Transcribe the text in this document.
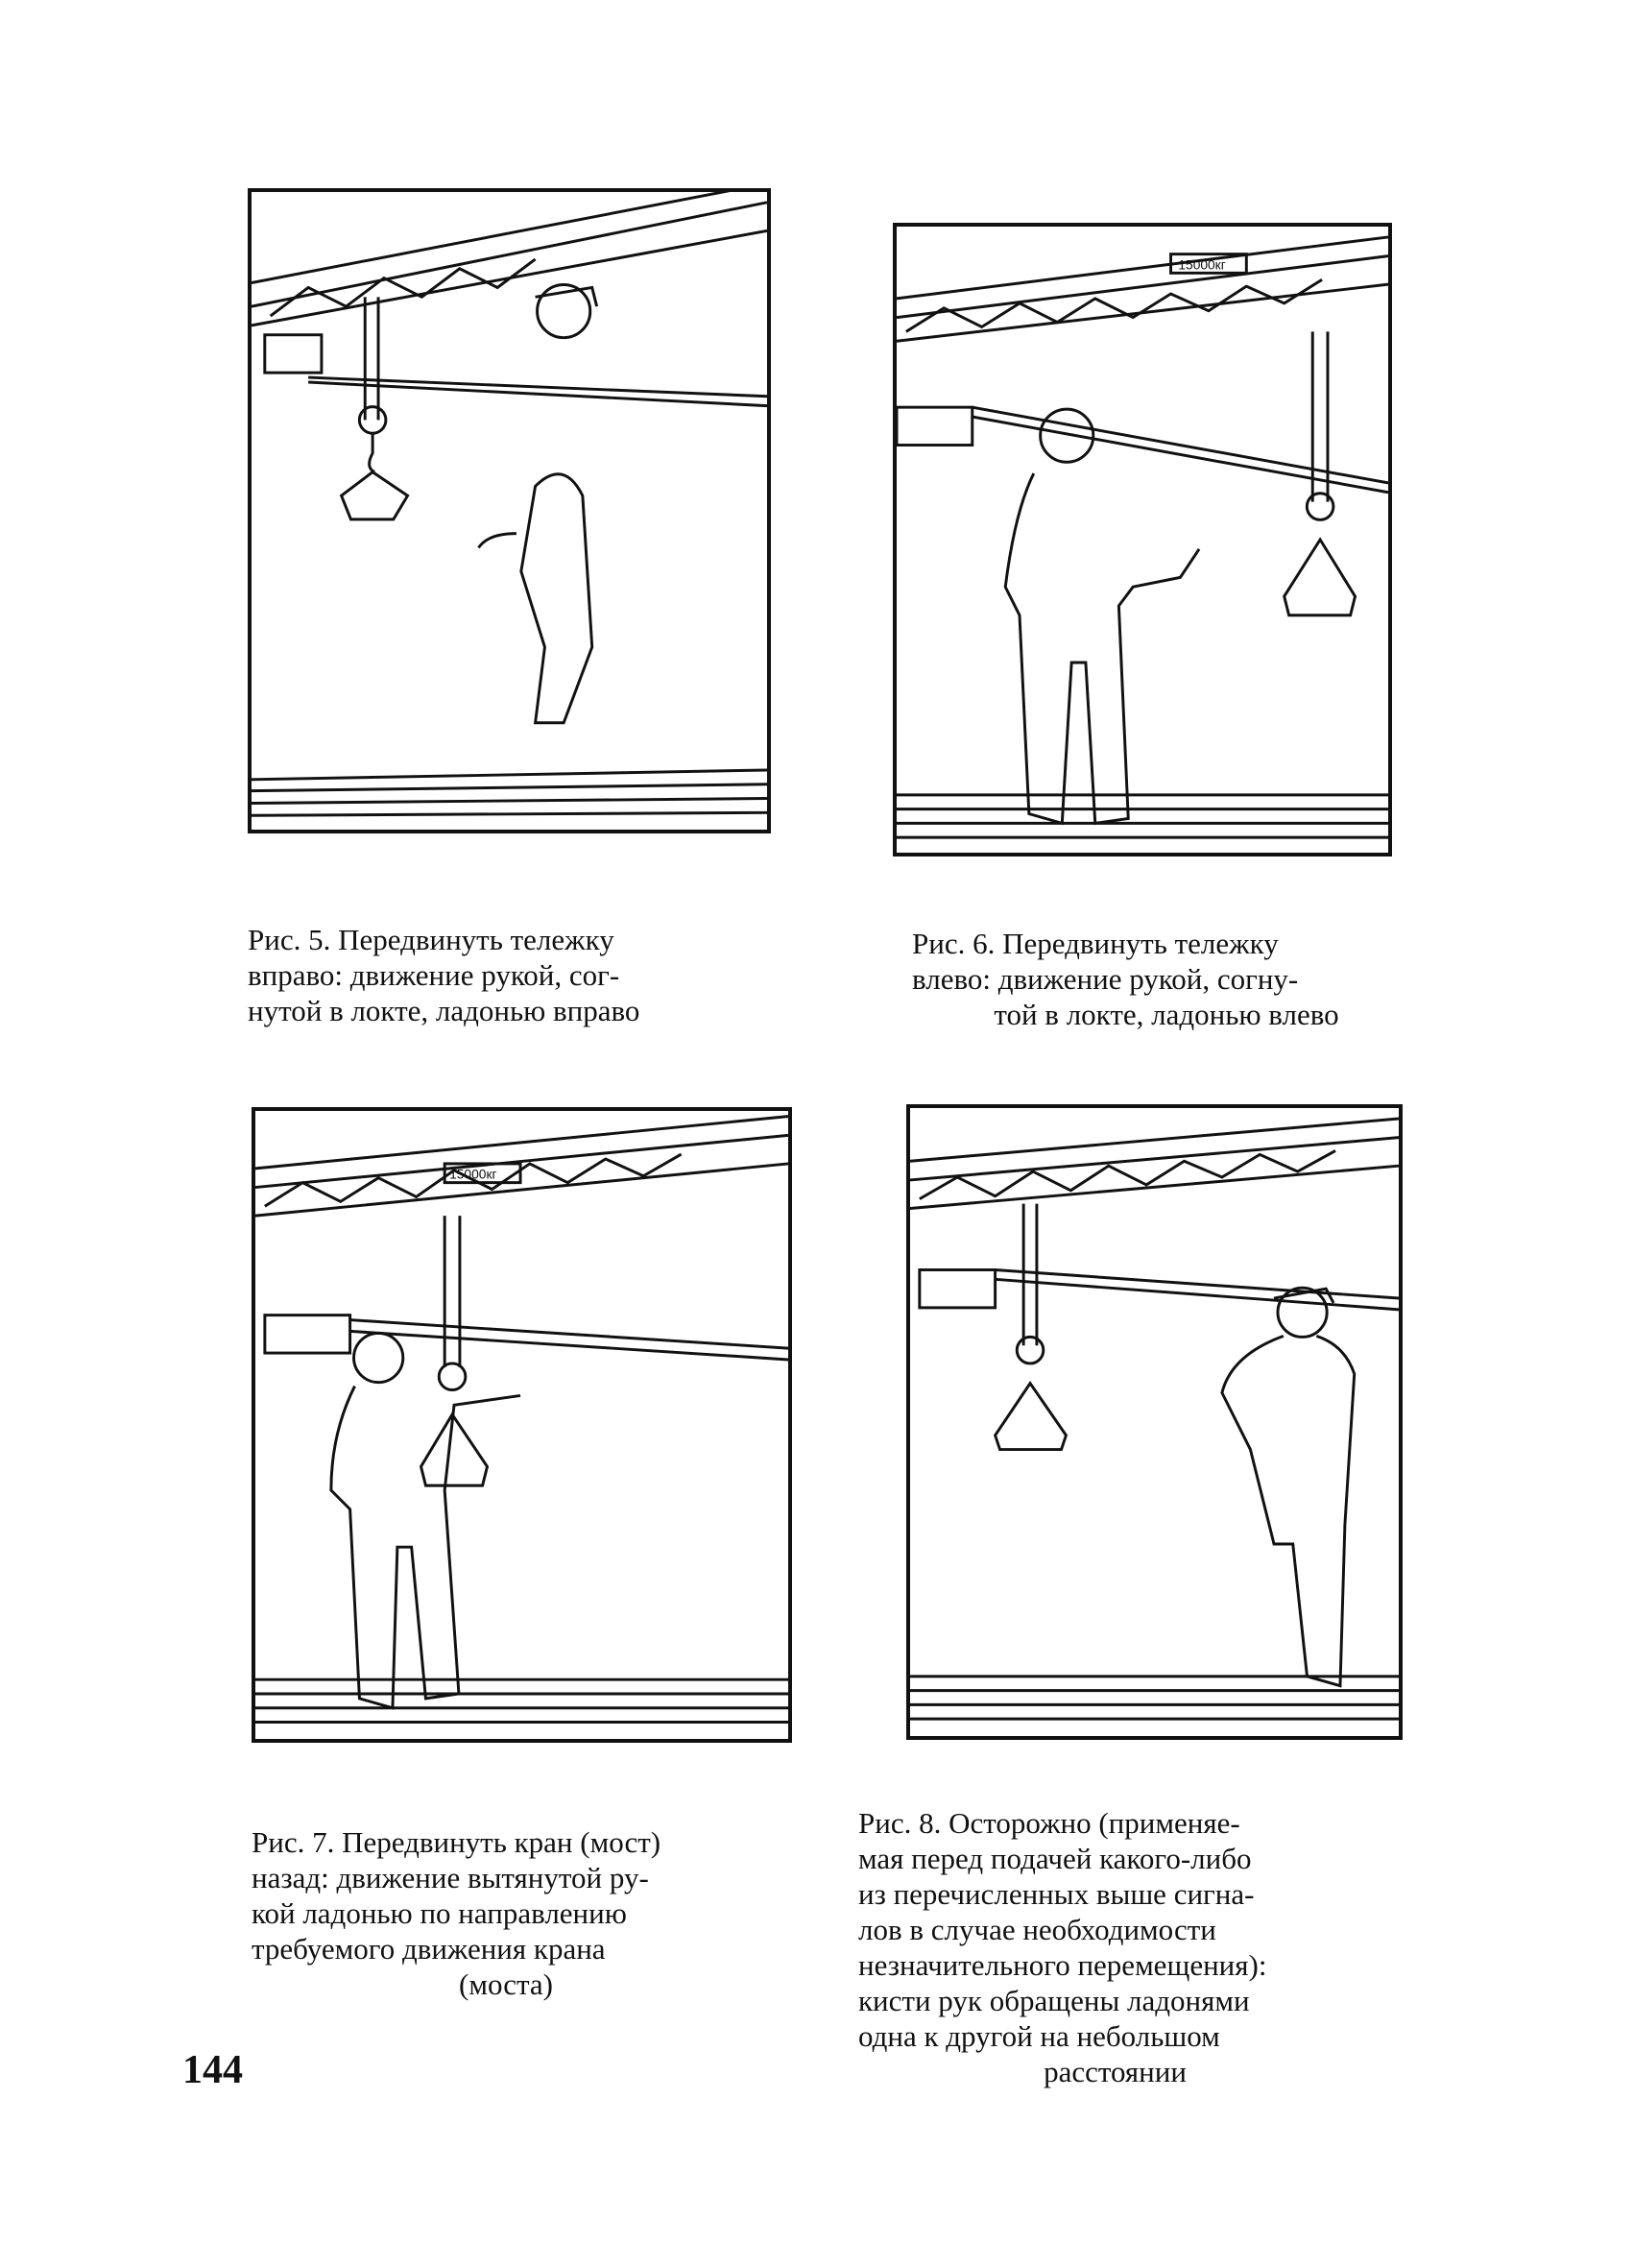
Рис. 5. Передвинуть тележку
вправо: движение рукой, сог-
нутой в локте, ладонью вправо
15000кг
Рис. 6. Передвинуть тележку
влево: движение рукой, согну-
той в локте, ладонью влево
15000кг
Рис. 7. Передвинуть кран (мост)
назад: движение вытянутой ру-
кой ладонью по направлению
требуемого движения крана
(моста)
Рис. 8. Осторожно (применяе-
мая перед подачей какого-либо
из перечисленных выше сигна-
лов в случае необходимости
незначительного перемещения):
кисти рук обращены ладонями
одна к другой на небольшом
расстоянии
144
